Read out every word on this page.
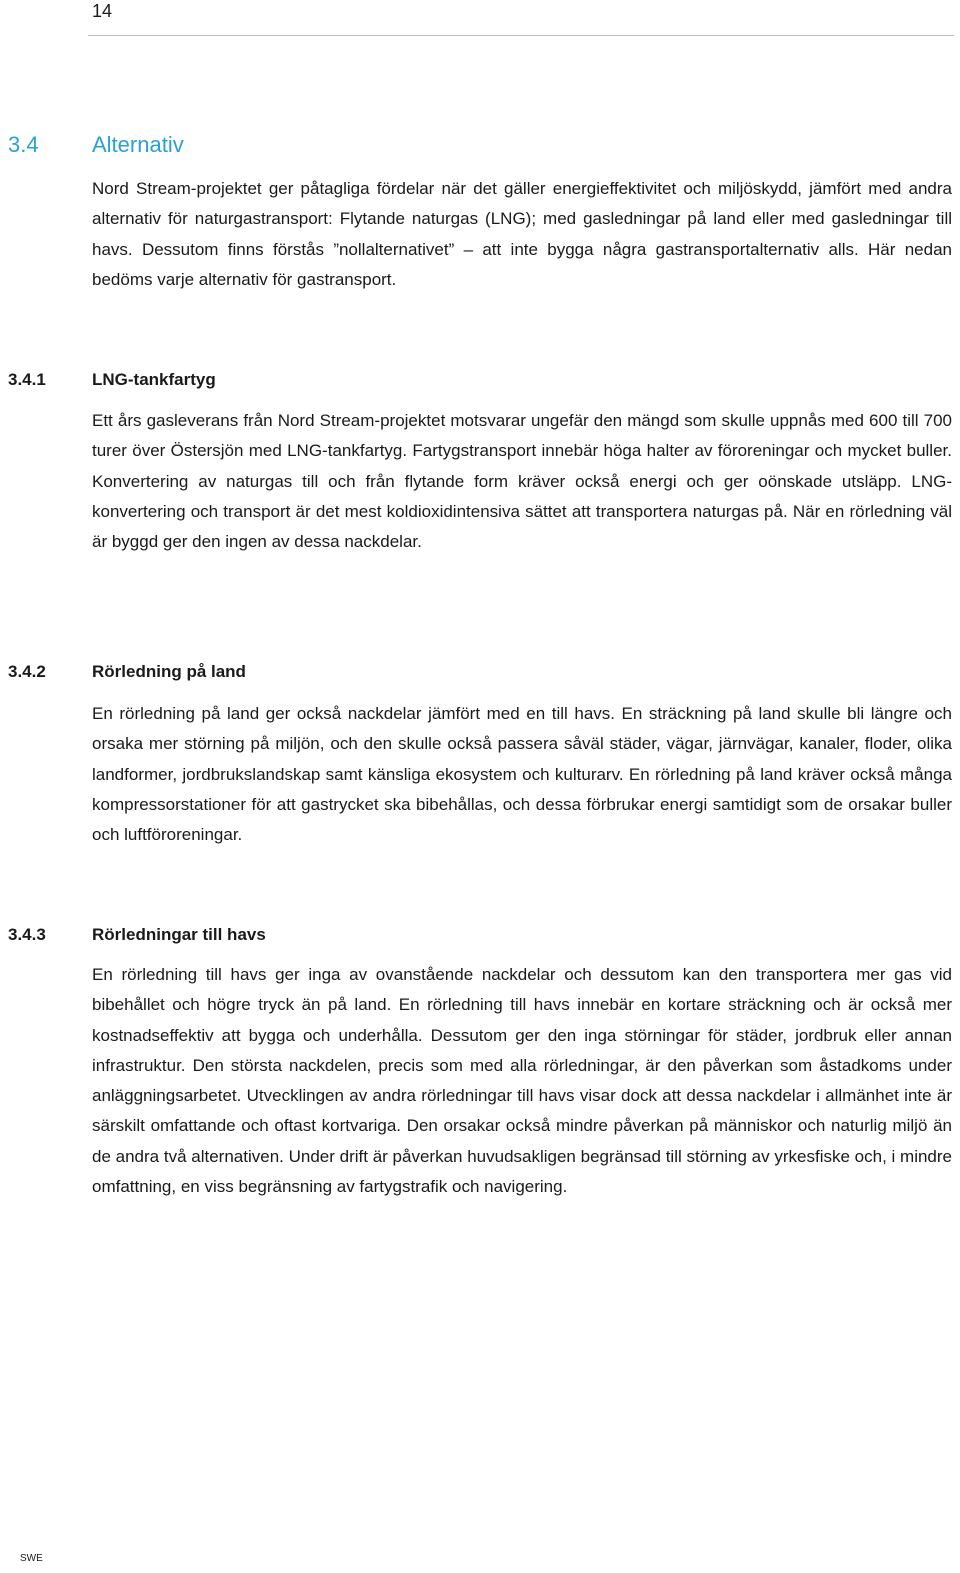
14
3.4 Alternativ

Nord Stream-projektet ger påtagliga fördelar när det gäller energieffektivitet och miljöskydd, jämfört med andra alternativ för naturgastransport: Flytande naturgas (LNG); med gasledningar på land eller med gasledningar till havs. Dessutom finns förstås ”nollalternativet” – att inte bygga några gastransportalternativ alls. Här nedan bedöms varje alternativ för gastransport.

3.4.1	LNG-tankfartyg

Ett års gasleverans från Nord Stream-projektet motsvarar ungefär den mängd som skulle uppnås med 600 till 700 turer över Östersjön med LNG-tankfartyg. Fartygstransport innebär höga halter av föroreningar och mycket buller. Konvertering av naturgas till och från flytande form kräver också energi och ger oönskade utsläpp. LNG-konvertering och transport är det mest koldioxidintensiva sättet att transportera naturgas på. När en rörledning väl är byggd ger den ingen av dessa nackdelar.

3.4.2	Rörledning på land

En rörledning på land ger också nackdelar jämfört med en till havs. En sträckning på land skulle bli längre och orsaka mer störning på miljön, och den skulle också passera såväl städer, vägar, järnvägar, kanaler, floder, olika landformer, jordbrukslandskap samt känsliga ekosystem och kulturarv. En rörledning på land kräver också många kompressorstationer för att gastrycket ska bibehållas, och dessa förbrukar energi samtidigt som de orsakar buller och luftföroreningar.

3.4.3	Rörledningar till havs

En rörledning till havs ger inga av ovanstående nackdelar och dessutom kan den transportera mer gas vid bibehållet och högre tryck än på land. En rörledning till havs innebär en kortare sträckning och är också mer kostnadseffektiv att bygga och underhålla. Dessutom ger den inga störningar för städer, jordbruk eller annan infrastruktur. Den största nackdelen, precis som med alla rörledningar, är den påverkan som åstadkoms under anläggningsarbetet. Utvecklingen av andra rörledningar till havs visar dock att dessa nackdelar i allmänhet inte är särskilt omfattande och oftast kortvariga. Den orsakar också mindre påverkan på människor och naturlig miljö än de andra två alternativen. Under drift är påverkan huvudsakligen begränsad till störning av yrkesfiske och, i mindre omfattning, en viss begränsning av fartygstrafik och navigering.

SWE
